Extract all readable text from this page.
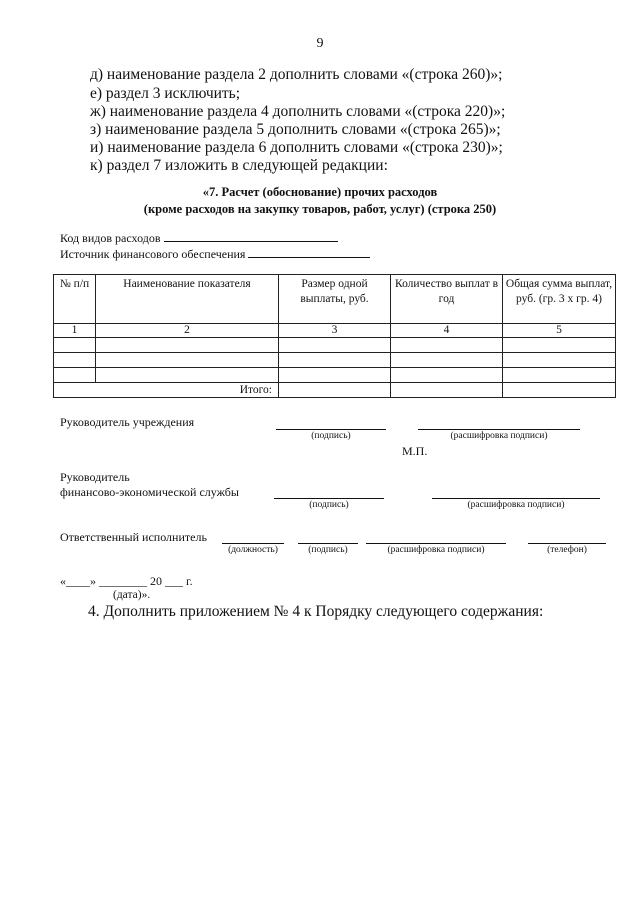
9
д) наименование раздела 2 дополнить словами «(строка 260)»;
е) раздел 3 исключить;
ж) наименование раздела 4 дополнить словами «(строка 220)»;
з) наименование раздела 5 дополнить словами «(строка 265)»;
и) наименование раздела 6 дополнить словами «(строка 230)»;
к) раздел 7 изложить в следующей редакции:
«7. Расчет (обоснование) прочих расходов
(кроме расходов на закупку товаров, работ, услуг) (строка 250)
Код видов расходов
Источник финансового обеспечения
№ п/п	Наименование показателя	Размер одной выплаты, руб.	Количество выплат в год	Общая сумма выплат, руб. (гр. 3 х гр. 4)
1	2	3	4	5

Итого:				
Руководитель учреждения
(подпись)	(расшифровка подписи)
М.П.
Руководитель
финансово-экономической службы
(подпись)	(расшифровка подписи)
Ответственный исполнитель
(должность)	(подпись)	(расшифровка подписи)	(телефон)
«____» ________ 20 ___ г.
(дата)».
4. Дополнить приложением № 4 к Порядку следующего содержания:
